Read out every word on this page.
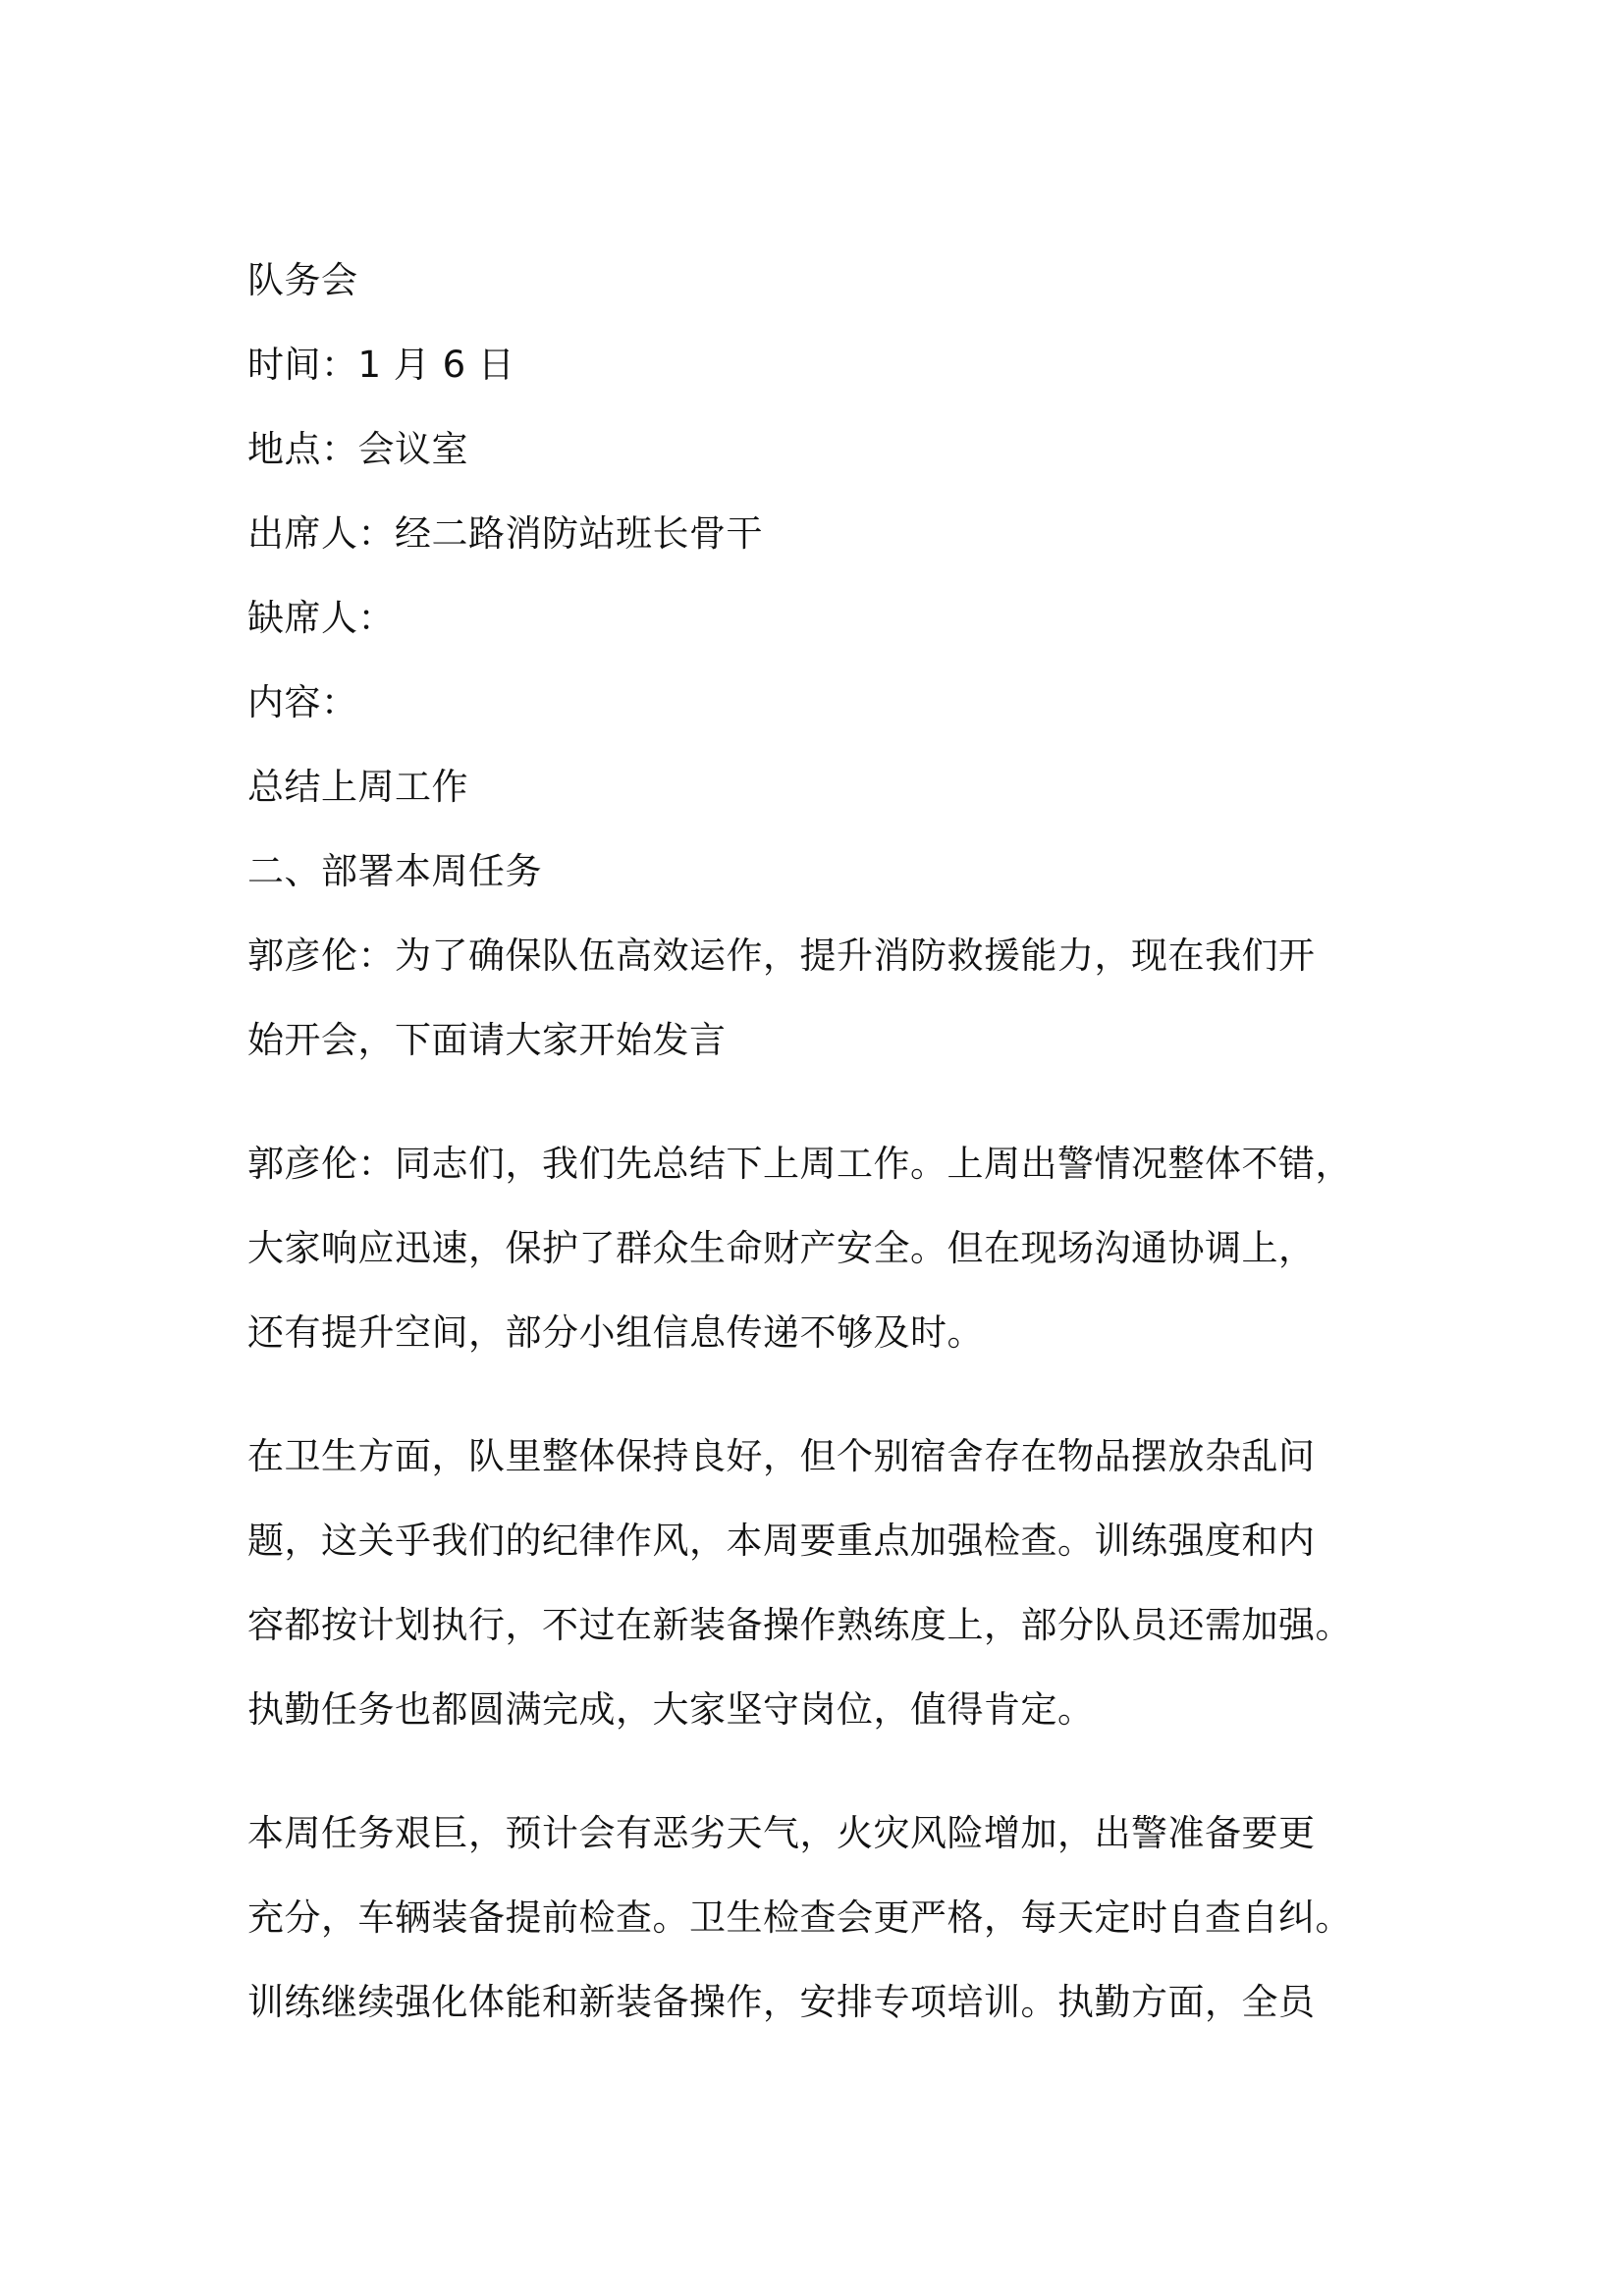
队务会
时间：1 月 6 日
地点：会议室
出席人：经二路消防站班长骨干
缺席人：
内容：
总结上周工作
二、部署本周任务

郭彦伦：为了确保队伍高效运作，提升消防救援能力，现在我们开
始开会，下面请大家开始发言

郭彦伦：同志们，我们先总结下上周工作。上周出警情况整体不错，
大家响应迅速，保护了群众生命财产安全。但在现场沟通协调上，
还有提升空间，部分小组信息传递不够及时。

在卫生方面，队里整体保持良好，但个别宿舍存在物品摆放杂乱问
题，这关乎我们的纪律作风，本周要重点加强检查。训练强度和内
容都按计划执行，不过在新装备操作熟练度上，部分队员还需加强。
执勤任务也都圆满完成，大家坚守岗位，值得肯定。

本周任务艰巨，预计会有恶劣天气，火灾风险增加，出警准备要更
充分，车辆装备提前检查。卫生检查会更严格，每天定时自查自纠。
训练继续强化体能和新装备操作，安排专项培训。执勤方面，全员
